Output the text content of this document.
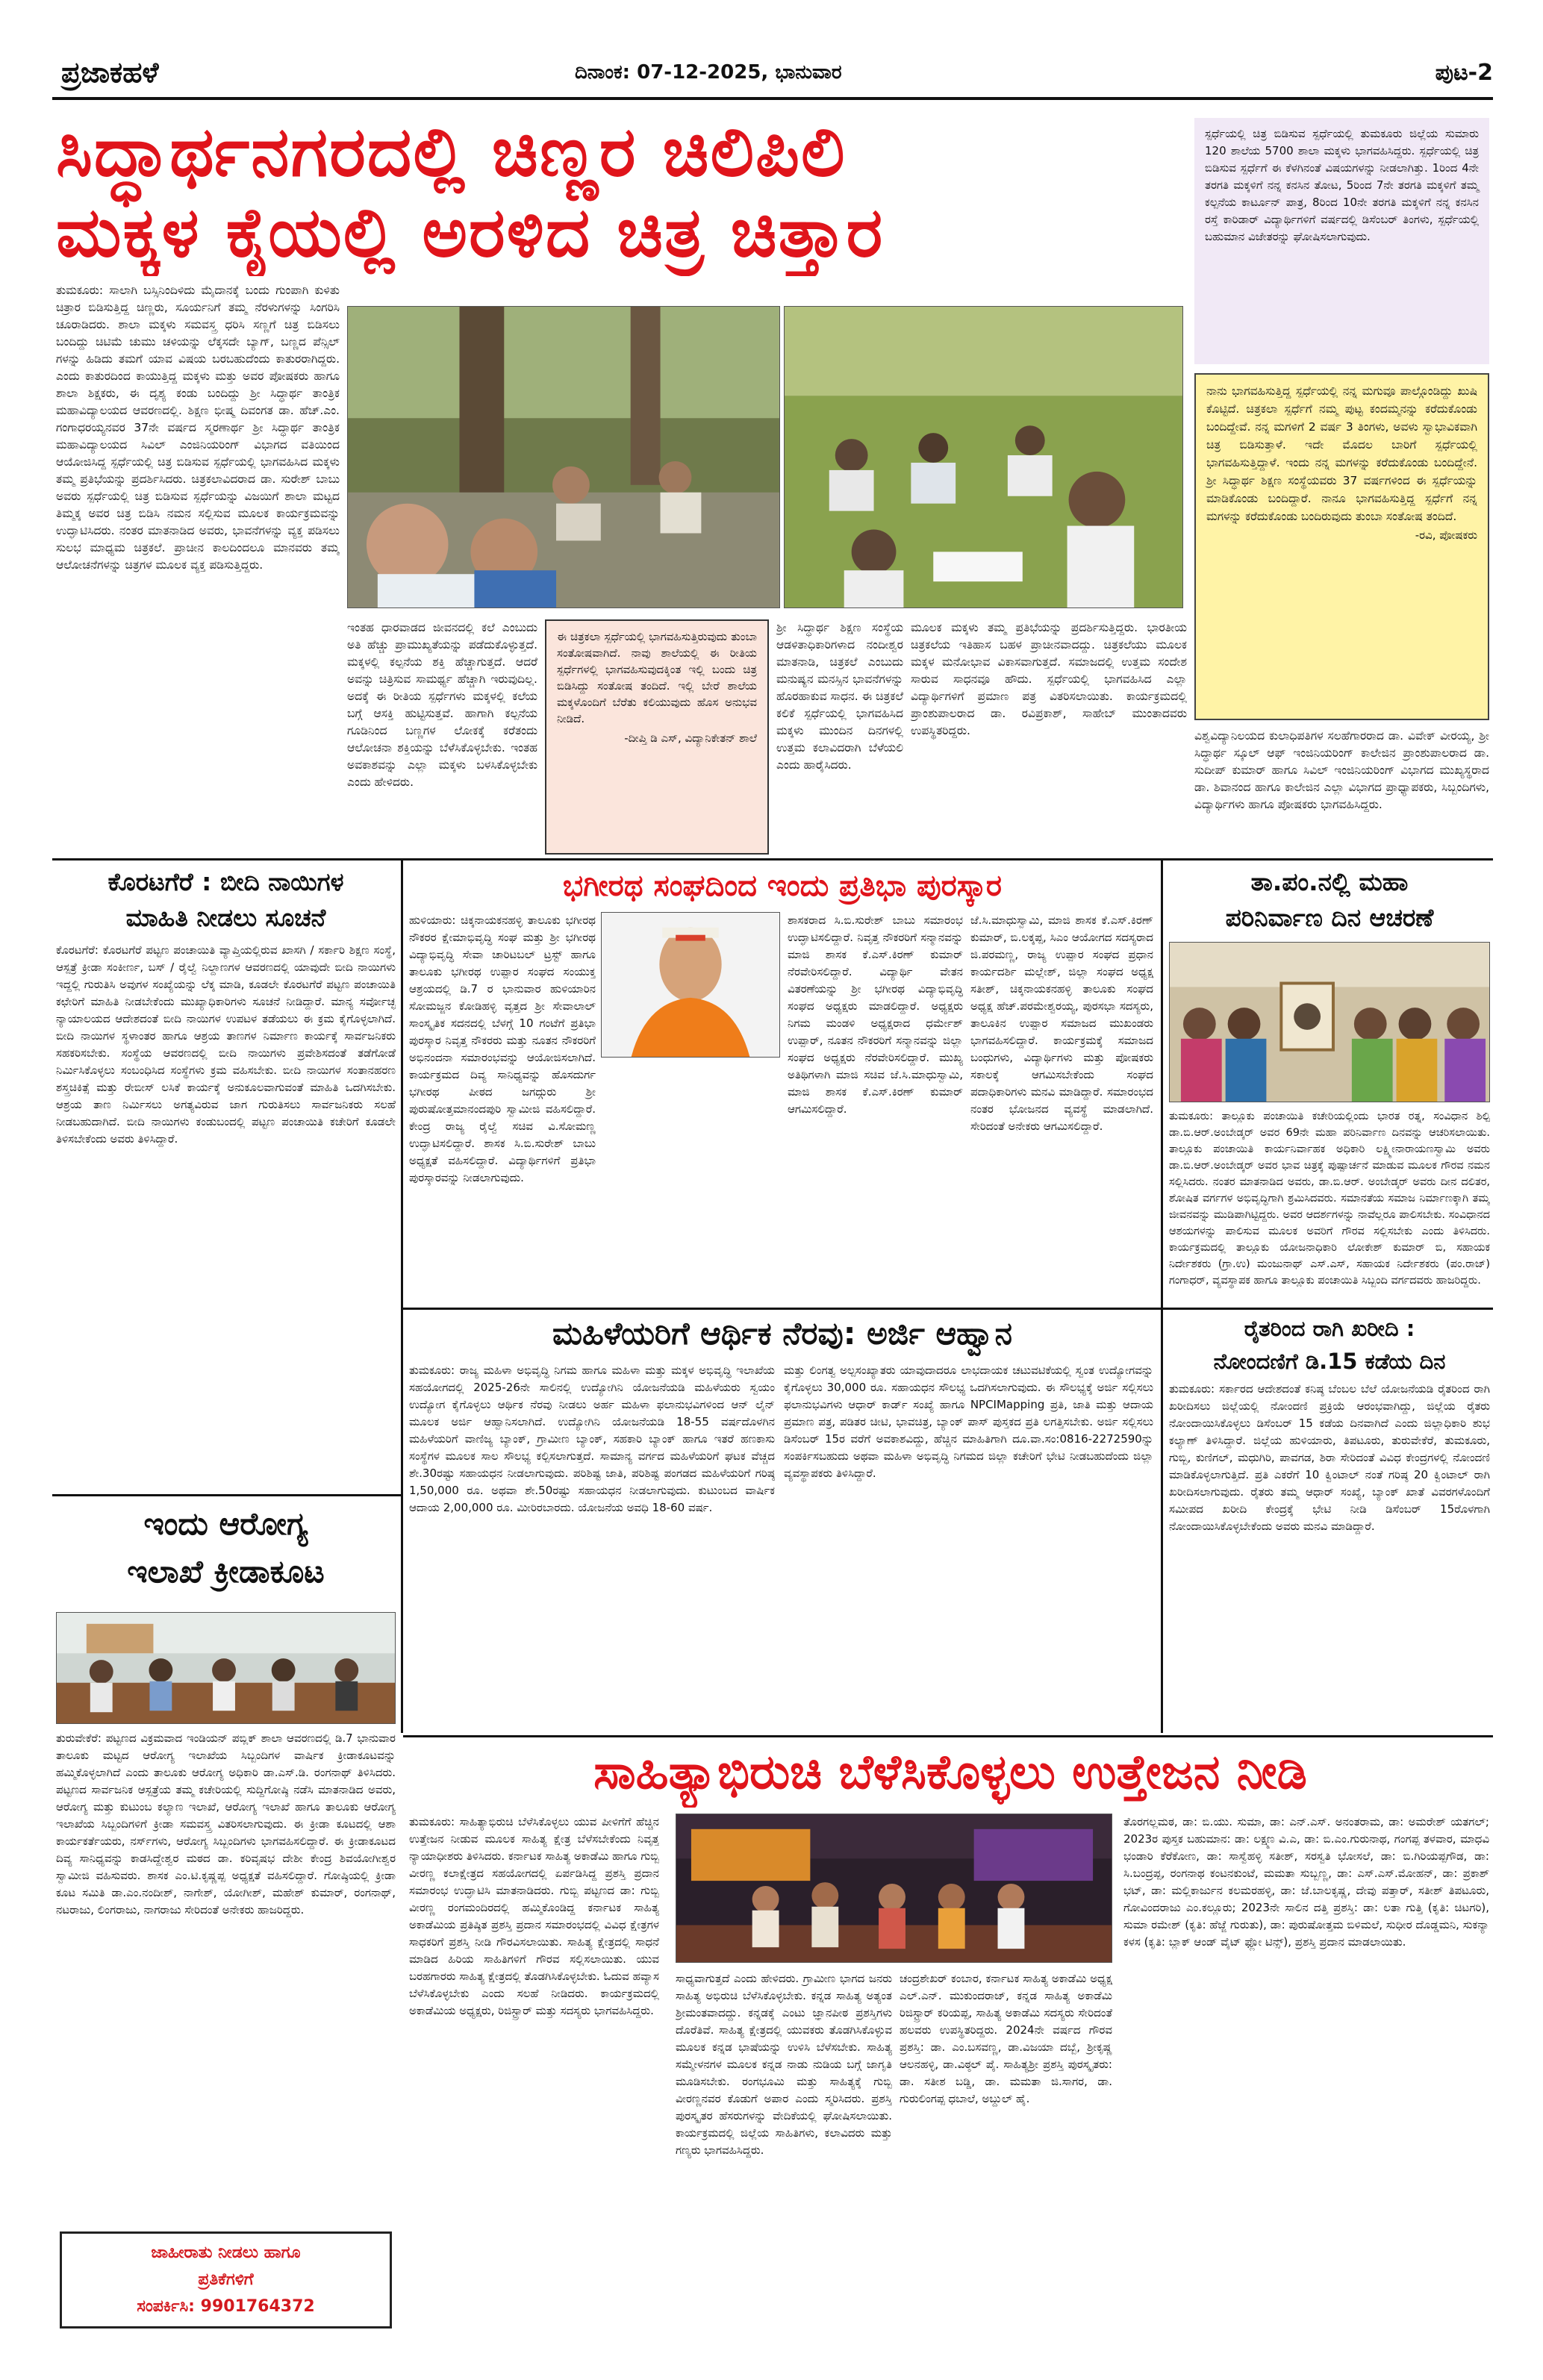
ಪ್ರಜಾಕಹಳೆ	ದಿನಾಂಕ: 07-12-2025, ಭಾನುವಾರ	ಪುಟ-2
ಸಿದ್ಧಾರ್ಥನಗರದಲ್ಲಿ ಚಿಣ್ಣರ ಚಿಲಿಪಿಲಿ
ಮಕ್ಕಳ ಕೈಯಲ್ಲಿ ಅರಳಿದ ಚಿತ್ರ ಚಿತ್ತಾರ
ತುಮಕೂರು: ಸಾಲಾಗಿ ಬಸ್ಸಿನಿಂದಿಳಿದು ಮೈದಾನಕ್ಕೆ ಬಂದು ಗುಂಪಾಗಿ ಕುಳಿತು ಚಿತ್ರಾರ ಬಿಡಿಸುತ್ತಿದ್ದ ಚಿಣ್ಣರು, ಸೂರ್ಯನಿಗೆ ತಮ್ಮ ನೆರಳುಗಳನ್ನು ಸಿಂಗರಿಸಿ ಚೂರಾಡಿದರು. ಶಾಲಾ ಮಕ್ಕಳು ಸಮವಸ್ತ್ರ ಧರಿಸಿ ಸಣ್ಣಗೆ ಚಿತ್ರ ಬಿಡಿಸಲು ಬಂದಿದ್ದು ಚಿಟಿಮೆ ಚುಮು ಚಳಿಯನ್ನು ಲೆಕ್ಕಸದೇ ಬ್ಯಾಗ್, ಬಣ್ಣದ ಪೆನ್ಸಿಲ್ ಗಳನ್ನು ಹಿಡಿದು ತಮಗೆ ಯಾವ ವಿಷಯ ಬರಬಹುದೆಂದು ಕಾತುರರಾಗಿದ್ದರು. ಎಂದು ಕಾತುರದಿಂದ ಕಾಯುತ್ತಿದ್ದ ಮಕ್ಕಳು ಮತ್ತು ಅವರ ಪೋಷಕರು ಹಾಗೂ ಶಾಲಾ ಶಿಕ್ಷಕರು, ಈ ದೃಶ್ಯ ಕಂಡು ಬಂದಿದ್ದು ಶ್ರೀ ಸಿದ್ಧಾರ್ಥ ತಾಂತ್ರಿಕ ಮಹಾವಿದ್ಯಾಲಯದ ಆವರಣದಲ್ಲಿ. ಶಿಕ್ಷಣ ಭೀಷ್ಮ ದಿವಂಗತ ಡಾ. ಹೆಚ್.ಎಂ. ಗಂಗಾಧರಯ್ಯನವರ 37ನೇ ವರ್ಷದ ಸ್ಮರಣಾರ್ಥ ಶ್ರೀ ಸಿದ್ಧಾರ್ಥ ತಾಂತ್ರಿಕ ಮಹಾವಿದ್ಯಾಲಯದ ಸಿವಿಲ್ ಎಂಜಿನಿಯರಿಂಗ್ ವಿಭಾಗದ ವತಿಯಿಂದ ಆಯೋಜಿಸಿದ್ದ ಸ್ಪರ್ಧೆಯಲ್ಲಿ ಚಿತ್ರ ಬಿಡಿಸುವ ಸ್ಪರ್ಧೆಯಲ್ಲಿ ಭಾಗವಹಿಸಿದ ಮಕ್ಕಳು ತಮ್ಮ ಪ್ರತಿಭೆಯನ್ನು ಪ್ರದರ್ಶಿಸಿದರು. ಚಿತ್ರಕಲಾವಿದರಾದ ಡಾ. ಸುರೇಶ್ ಬಾಬು ಅವರು ಸ್ಪರ್ಧೆಯಲ್ಲಿ ಚಿತ್ರ ಬಿಡಿಸುವ ಸ್ಪರ್ಧೆಯನ್ನು ವಿಜಯಿಗೆ ಶಾಲಾ ಮಟ್ಟದ ತಿಮ್ಮಕ್ಕ ಅವರ ಚಿತ್ರ ಬಿಡಿಸಿ ನಮನ ಸಲ್ಲಿಸುವ ಮೂಲಕ ಕಾರ್ಯಕ್ರಮವನ್ನು ಉದ್ಘಾಟಿಸಿದರು. ನಂತರ ಮಾತನಾಡಿದ ಅವರು, ಭಾವನೆಗಳನ್ನು ವ್ಯಕ್ತ ಪಡಿಸಲು ಸುಲಭ ಮಾಧ್ಯಮ ಚಿತ್ರಕಲೆ. ಪ್ರಾಚೀನ ಕಾಲದಿಂದಲೂ ಮಾನವರು ತಮ್ಮ ಆಲೋಚನೆಗಳನ್ನು ಚಿತ್ರಗಳ ಮೂಲಕ ವ್ಯಕ್ತ ಪಡಿಸುತ್ತಿದ್ದರು.
ಇಂತಹ ಧಾರವಾಡದ ಜೀವನದಲ್ಲಿ ಕಲೆ ಎಂಬುದು ಅತಿ ಹೆಚ್ಚು ಪ್ರಾಮುಖ್ಯತೆಯನ್ನು ಪಡೆದುಕೊಳ್ಳುತ್ತದೆ. ಮಕ್ಕಳಲ್ಲಿ ಕಲ್ಪನೆಯ ಶಕ್ತಿ ಹೆಚ್ಚಾಗುತ್ತದೆ. ಆದರೆ ಅವನ್ನು ಚಿತ್ರಿಸುವ ಸಾಮರ್ಥ್ಯ ಹೆಚ್ಚಾಗಿ ಇರುವುದಿಲ್ಲ. ಅದಕ್ಕೆ ಈ ರೀತಿಯ ಸ್ಪರ್ಧೆಗಳು ಮಕ್ಕಳಲ್ಲಿ ಕಲೆಯ ಬಗ್ಗೆ ಆಸಕ್ತಿ ಹುಟ್ಟಿಸುತ್ತವೆ. ಹಾಗಾಗಿ ಕಲ್ಪನೆಯ ಗೂಡಿನಿಂದ ಬಣ್ಣಗಳ ಲೋಕಕ್ಕೆ ಕರೆತಂದು ಆಲೋಚನಾ ಶಕ್ತಿಯನ್ನು ಬೆಳೆಸಿಕೊಳ್ಳಬೇಕು. ಇಂತಹ ಅವಕಾಶವನ್ನು ಎಲ್ಲಾ ಮಕ್ಕಳು ಬಳಸಿಕೊಳ್ಳಬೇಕು ಎಂದು ಹೇಳಿದರು.
ಈ ಚಿತ್ರಕಲಾ ಸ್ಪರ್ಧೆಯಲ್ಲಿ ಭಾಗವಹಿಸುತ್ತಿರುವುದು ತುಂಬಾ ಸಂತೋಷವಾಗಿದೆ. ನಾವು ಶಾಲೆಯಲ್ಲಿ ಈ ರೀತಿಯ ಸ್ಪರ್ಧೆಗಳಲ್ಲಿ ಭಾಗವಹಿಸುವುದಕ್ಕಿಂತ ಇಲ್ಲಿ ಬಂದು ಚಿತ್ರ ಬಿಡಿಸಿದ್ದು ಸಂತೋಷ ತಂದಿದೆ. ಇಲ್ಲಿ ಬೇರೆ ಶಾಲೆಯ ಮಕ್ಕಳೊಂದಿಗೆ ಬೆರೆತು ಕಲಿಯುವುದು ಹೊಸ ಅನುಭವ ನೀಡಿದೆ.
-ದೀಪ್ತಿ ಡಿ ಎಸ್, ವಿದ್ಯಾನಿಕೇತನ್ ಶಾಲೆ
ಶ್ರೀ ಸಿದ್ಧಾರ್ಥ ಶಿಕ್ಷಣ ಸಂಸ್ಥೆಯ ಆಡಳಿತಾಧಿಕಾರಿಗಳಾದ ನಂದೀಶ್ವರ ಮಾತನಾಡಿ, ಚಿತ್ರಕಲೆ ಎಂಬುದು ಮನುಷ್ಯನ ಮನಸ್ಸಿನ ಭಾವನೆಗಳನ್ನು ಹೊರಹಾಕುವ ಸಾಧನ. ಈ ಚಿತ್ರಕಲೆ ಕಲಿಕೆ ಸ್ಪರ್ಧೆಯಲ್ಲಿ ಭಾಗವಹಿಸಿದ ಮಕ್ಕಳು ಮುಂದಿನ ದಿನಗಳಲ್ಲಿ ಉತ್ತಮ ಕಲಾವಿದರಾಗಿ ಬೆಳೆಯಲಿ ಎಂದು ಹಾರೈಸಿದರು.
ಮೂಲಕ ಮಕ್ಕಳು ತಮ್ಮ ಪ್ರತಿಭೆಯನ್ನು ಪ್ರದರ್ಶಿಸುತ್ತಿದ್ದರು. ಭಾರತೀಯ ಚಿತ್ರಕಲೆಯ ಇತಿಹಾಸ ಬಹಳ ಪ್ರಾಚೀನವಾದದ್ದು. ಚಿತ್ರಕಲೆಯು ಮೂಲಕ ಮಕ್ಕಳ ಮನೋಭಾವ ವಿಕಾಸವಾಗುತ್ತದೆ. ಸಮಾಜದಲ್ಲಿ ಉತ್ತಮ ಸಂದೇಶ ಸಾರುವ ಸಾಧನವೂ ಹೌದು. ಸ್ಪರ್ಧೆಯಲ್ಲಿ ಭಾಗವಹಿಸಿದ ಎಲ್ಲಾ ವಿದ್ಯಾರ್ಥಿಗಳಿಗೆ ಪ್ರಮಾಣ ಪತ್ರ ವಿತರಿಸಲಾಯಿತು. ಕಾರ್ಯಕ್ರಮದಲ್ಲಿ ಪ್ರಾಂಶುಪಾಲರಾದ ಡಾ. ರವಿಪ್ರಕಾಶ್, ಸಾಹೇಬ್ ಮುಂತಾದವರು ಉಪಸ್ಥಿತರಿದ್ದರು.
ಸ್ಪರ್ಧೆಯಲ್ಲಿ ಚಿತ್ರ ಬಿಡಿಸುವ ಸ್ಪರ್ಧೆಯಲ್ಲಿ ತುಮಕೂರು ಜಿಲ್ಲೆಯ ಸುಮಾರು 120 ಶಾಲೆಯ 5700 ಶಾಲಾ ಮಕ್ಕಳು ಭಾಗವಹಿಸಿದ್ದರು. ಸ್ಪರ್ಧೆಯಲ್ಲಿ ಚಿತ್ರ ಬಿಡಿಸುವ ಸ್ಪರ್ಧೆಗೆ ಈ ಕೆಳಗಿನಂತೆ ವಿಷಯಗಳನ್ನು ನೀಡಲಾಗಿತ್ತು. 1ರಿಂದ 4ನೇ ತರಗತಿ ಮಕ್ಕಳಿಗೆ ನನ್ನ ಕನಸಿನ ತೋಟ, 5ರಿಂದ 7ನೇ ತರಗತಿ ಮಕ್ಕಳಿಗೆ ತಮ್ಮ ಕಲ್ಪನೆಯ ಕಾರ್ಟೂನ್ ಪಾತ್ರ, 8ರಿಂದ 10ನೇ ತರಗತಿ ಮಕ್ಕಳಿಗೆ ನನ್ನ ಕನಸಿನ ರಸ್ತೆ ಕಾರಿಡಾರ್ ವಿದ್ಯಾರ್ಥಿಗಳಿಗೆ ವರ್ಷದಲ್ಲಿ ಡಿಸೆಂಬರ್ ತಿಂಗಳು, ಸ್ಪರ್ಧೆಯಲ್ಲಿ ಬಹುಮಾನ ವಿಜೇತರನ್ನು ಘೋಷಿಸಲಾಗುವುದು.
ನಾನು ಭಾಗವಹಿಸುತ್ತಿದ್ದ ಸ್ಪರ್ಧೆಯಲ್ಲಿ ನನ್ನ ಮಗುವೂ ಪಾಲ್ಗೊಂಡಿದ್ದು ಖುಷಿ ಕೊಟ್ಟಿದೆ. ಚಿತ್ರಕಲಾ ಸ್ಪರ್ಧೆಗೆ ನಮ್ಮ ಪುಟ್ಟ ಕಂದಮ್ಮನನ್ನು ಕರೆದುಕೊಂಡು ಬಂದಿದ್ದೇವೆ. ನನ್ನ ಮಗಳಿಗೆ 2 ವರ್ಷ 3 ತಿಂಗಳು, ಅವಳು ಸ್ವಾಭಾವಿಕವಾಗಿ ಚಿತ್ರ ಬಿಡಿಸುತ್ತಾಳೆ. ಇದೇ ಮೊದಲ ಬಾರಿಗೆ ಸ್ಪರ್ಧೆಯಲ್ಲಿ ಭಾಗವಹಿಸುತ್ತಿದ್ದಾಳೆ. ಇಂದು ನನ್ನ ಮಗಳನ್ನು ಕರೆದುಕೊಂಡು ಬಂದಿದ್ದೇನೆ. ಶ್ರೀ ಸಿದ್ಧಾರ್ಥ ಶಿಕ್ಷಣ ಸಂಸ್ಥೆಯವರು 37 ವರ್ಷಗಳಿಂದ ಈ ಸ್ಪರ್ಧೆಯನ್ನು ಮಾಡಿಕೊಂಡು ಬಂದಿದ್ದಾರೆ. ನಾನೂ ಭಾಗವಹಿಸುತ್ತಿದ್ದ ಸ್ಪರ್ಧೆಗೆ ನನ್ನ ಮಗಳನ್ನು ಕರೆದುಕೊಂಡು ಬಂದಿರುವುದು ತುಂಬಾ ಸಂತೋಷ ತಂದಿದೆ.
-ರವಿ, ಪೋಷಕರು
ವಿಶ್ವವಿದ್ಯಾನಿಲಯದ ಕುಲಾಧಿಪತಿಗಳ ಸಲಹೆಗಾರರಾದ ಡಾ. ವಿವೇಕ್ ವೀರಯ್ಯ, ಶ್ರೀ ಸಿದ್ಧಾರ್ಥ ಸ್ಕೂಲ್ ಆಫ್ ಇಂಜಿನಿಯರಿಂಗ್ ಕಾಲೇಜಿನ ಪ್ರಾಂಶುಪಾಲರಾದ ಡಾ. ಸುದೀಪ್ ಕುಮಾರ್ ಹಾಗೂ ಸಿವಿಲ್ ಇಂಜಿನಿಯರಿಂಗ್ ವಿಭಾಗದ ಮುಖ್ಯಸ್ಥರಾದ ಡಾ. ಶಿವಾನಂದ ಹಾಗೂ ಕಾಲೇಜಿನ ಎಲ್ಲಾ ವಿಭಾಗದ ಪ್ರಾಧ್ಯಾಪಕರು, ಸಿಬ್ಬಂದಿಗಳು, ವಿದ್ಯಾರ್ಥಿಗಳು ಹಾಗೂ ಪೋಷಕರು ಭಾಗವಹಿಸಿದ್ದರು.
ಕೊರಟಗೆರೆ : ಬೀದಿ ನಾಯಿಗಳ
ಮಾಹಿತಿ ನೀಡಲು ಸೂಚನೆ
ಕೊರಟಗೆರೆ: ಕೊರಟಗೆರೆ ಪಟ್ಟಣ ಪಂಚಾಯಿತಿ ವ್ಯಾಪ್ತಿಯಲ್ಲಿರುವ ಖಾಸಗಿ / ಸರ್ಕಾರಿ ಶಿಕ್ಷಣ ಸಂಸ್ಥೆ, ಆಸ್ಪತ್ರೆ ಕ್ರೀಡಾ ಸಂಕೀರ್ಣ, ಬಸ್ / ರೈಲ್ವೆ ನಿಲ್ದಾಣಗಳ ಆವರಣದಲ್ಲಿ ಯಾವುದೇ ಬೀದಿ ನಾಯಿಗಳು ಇದ್ದಲ್ಲಿ ಗುರುತಿಸಿ ಅವುಗಳ ಸಂಖ್ಯೆಯನ್ನು ಲೆಕ್ಕ ಮಾಡಿ, ಕೂಡಲೇ ಕೊರಟಗೆರೆ ಪಟ್ಟಣ ಪಂಚಾಯಿತಿ ಕಛೇರಿಗೆ ಮಾಹಿತಿ ನೀಡಬೇಕೆಂದು ಮುಖ್ಯಾಧಿಕಾರಿಗಳು ಸೂಚನೆ ನೀಡಿದ್ದಾರೆ. ಮಾನ್ಯ ಸರ್ವೋಚ್ಛ ನ್ಯಾಯಾಲಯದ ಆದೇಶದಂತೆ ಬೀದಿ ನಾಯಿಗಳ ಉಪಟಳ ತಡೆಯಲು ಈ ಕ್ರಮ ಕೈಗೊಳ್ಳಲಾಗಿದೆ. ಬೀದಿ ನಾಯಿಗಳ ಸ್ಥಳಾಂತರ ಹಾಗೂ ಆಶ್ರಯ ತಾಣಗಳ ನಿರ್ಮಾಣ ಕಾರ್ಯಕ್ಕೆ ಸಾರ್ವಜನಿಕರು ಸಹಕರಿಸಬೇಕು. ಸಂಸ್ಥೆಯ ಆವರಣದಲ್ಲಿ ಬೀದಿ ನಾಯಿಗಳು ಪ್ರವೇಶಿಸದಂತೆ ತಡೆಗೋಡೆ ನಿರ್ಮಿಸಿಕೊಳ್ಳಲು ಸಂಬಂಧಿಸಿದ ಸಂಸ್ಥೆಗಳು ಕ್ರಮ ವಹಿಸಬೇಕು. ಬೀದಿ ನಾಯಿಗಳ ಸಂತಾನಹರಣ ಶಸ್ತ್ರಚಿಕಿತ್ಸೆ ಮತ್ತು ರೇಬೀಸ್ ಲಸಿಕೆ ಕಾರ್ಯಕ್ಕೆ ಅನುಕೂಲವಾಗುವಂತೆ ಮಾಹಿತಿ ಒದಗಿಸಬೇಕು. ಆಶ್ರಯ ತಾಣ ನಿರ್ಮಿಸಲು ಅಗತ್ಯವಿರುವ ಜಾಗ ಗುರುತಿಸಲು ಸಾರ್ವಜನಿಕರು ಸಲಹೆ ನೀಡಬಹುದಾಗಿದೆ. ಬೀದಿ ನಾಯಿಗಳು ಕಂಡುಬಂದಲ್ಲಿ ಪಟ್ಟಣ ಪಂಚಾಯಿತಿ ಕಚೇರಿಗೆ ಕೂಡಲೇ ತಿಳಿಸಬೇಕೆಂದು ಅವರು ತಿಳಿಸಿದ್ದಾರೆ.
ಭಗೀರಥ ಸಂಘದಿಂದ ಇಂದು ಪ್ರತಿಭಾ ಪುರಸ್ಕಾರ
ಹುಳಿಯಾರು: ಚಿಕ್ಕನಾಯಕನಹಳ್ಳಿ ತಾಲೂಕು ಭಗೀರಥ ನೌಕರರ ಕ್ಷೇಮಾಭಿವೃದ್ಧಿ ಸಂಘ ಮತ್ತು ಶ್ರೀ ಭಗೀರಥ ವಿದ್ಯಾಭಿವೃದ್ಧಿ ಸೇವಾ ಚಾರಿಟಬಲ್ ಟ್ರಸ್ಟ್ ಹಾಗೂ ತಾಲೂಕು ಭಗೀರಥ ಉಪ್ಪಾರ ಸಂಘದ ಸಂಯುಕ್ತ ಆಶ್ರಯದಲ್ಲಿ ಡಿ.7 ರ ಭಾನುವಾರ ಹುಳಿಯಾರಿನ ಸೋಮಜ್ಜನ ಕೋಡಿಹಳ್ಳಿ ವೃತ್ತದ ಶ್ರೀ ಸೇವಾಲಾಲ್ ಸಾಂಸ್ಕೃತಿಕ ಸದನದಲ್ಲಿ ಬೆಳಗ್ಗೆ 10 ಗಂಟೆಗೆ ಪ್ರತಿಭಾ ಪುರಸ್ಕಾರ ನಿವೃತ್ತ ನೌಕರರು ಮತ್ತು ನೂತನ ನೌಕರರಿಗೆ ಅಭಿನಂದನಾ ಸಮಾರಂಭವನ್ನು ಆಯೋಜಿಸಲಾಗಿದೆ. ಕಾರ್ಯಕ್ರಮದ ದಿವ್ಯ ಸಾನಿಧ್ಯವನ್ನು ಹೊಸದುರ್ಗ ಭಗೀರಥ ಪೀಠದ ಜಗದ್ಗುರು ಶ್ರೀ ಪುರುಷೋತ್ತಮಾನಂದಪುರಿ ಸ್ವಾಮೀಜಿ ವಹಿಸಲಿದ್ದಾರೆ. ಕೇಂದ್ರ ರಾಜ್ಯ ರೈಲ್ವೆ ಸಚಿವ ವಿ.ಸೋಮಣ್ಣ ಉದ್ಘಾಟಿಸಲಿದ್ದಾರೆ. ಶಾಸಕ ಸಿ.ಬಿ.ಸುರೇಶ್ ಬಾಬು ಅಧ್ಯಕ್ಷತೆ ವಹಿಸಲಿದ್ದಾರೆ. ವಿದ್ಯಾರ್ಥಿಗಳಿಗೆ ಪ್ರತಿಭಾ ಪುರಸ್ಕಾರವನ್ನು ನೀಡಲಾಗುವುದು.
ಶಾಸಕರಾದ ಸಿ.ಬಿ.ಸುರೇಶ್ ಬಾಬು ಸಮಾರಂಭ ಉದ್ಘಾಟಿಸಲಿದ್ದಾರೆ. ನಿವೃತ್ತ ನೌಕರರಿಗೆ ಸನ್ಮಾನವನ್ನು ಮಾಜಿ ಶಾಸಕ ಕೆ.ಎಸ್.ಕಿರಣ್ ಕುಮಾರ್ ನೆರವೇರಿಸಲಿದ್ದಾರೆ. ವಿದ್ಯಾರ್ಥಿ ವೇತನ ವಿತರಣೆಯನ್ನು ಶ್ರೀ ಭಗೀರಥ ವಿದ್ಯಾಭಿವೃದ್ಧಿ ಸಂಘದ ಅಧ್ಯಕ್ಷರು ಮಾಡಲಿದ್ದಾರೆ. ಅಧ್ಯಕ್ಷರು ನಿಗಮ ಮಂಡಳಿ ಅಧ್ಯಕ್ಷರಾದ ಧರ್ಮೇಶ್ ಉಪ್ಪಾರ್, ನೂತನ ನೌಕರರಿಗೆ ಸನ್ಮಾನವನ್ನು ಜಿಲ್ಲಾ ಸಂಘದ ಅಧ್ಯಕ್ಷರು ನೆರವೇರಿಸಲಿದ್ದಾರೆ. ಮುಖ್ಯ ಅತಿಥಿಗಳಾಗಿ ಮಾಜಿ ಸಚಿವ ಜೆ.ಸಿ.ಮಾಧುಸ್ವಾಮಿ, ಮಾಜಿ ಶಾಸಕ ಕೆ.ಎಸ್.ಕಿರಣ್ ಕುಮಾರ್ ಆಗಮಿಸಲಿದ್ದಾರೆ.
ಜೆ.ಸಿ.ಮಾಧುಸ್ವಾಮಿ, ಮಾಜಿ ಶಾಸಕ ಕೆ.ಎಸ್.ಕಿರಣ್ ಕುಮಾರ್, ಬಿ.ಲಕ್ಕಪ್ಪ, ಸಿಎಂ ಆಯೋಗದ ಸದಸ್ಯರಾದ ಜಿ.ಪರಮಣ್ಣ, ರಾಜ್ಯ ಉಪ್ಪಾರ ಸಂಘದ ಪ್ರಧಾನ ಕಾರ್ಯದರ್ಶಿ ಮಲ್ಲೇಶ್, ಜಿಲ್ಲಾ ಸಂಘದ ಅಧ್ಯಕ್ಷ ಸತೀಶ್, ಚಿಕ್ಕನಾಯಕನಹಳ್ಳಿ ತಾಲೂಕು ಸಂಘದ ಅಧ್ಯಕ್ಷ ಹೆಚ್.ಪರಮೇಶ್ವರಯ್ಯ, ಪುರಸಭಾ ಸದಸ್ಯರು, ತಾಲೂಕಿನ ಉಪ್ಪಾರ ಸಮಾಜದ ಮುಖಂಡರು ಭಾಗವಹಿಸಲಿದ್ದಾರೆ. ಕಾರ್ಯಕ್ರಮಕ್ಕೆ ಸಮಾಜದ ಬಂಧುಗಳು, ವಿದ್ಯಾರ್ಥಿಗಳು ಮತ್ತು ಪೋಷಕರು ಸಕಾಲಕ್ಕೆ ಆಗಮಿಸಬೇಕೆಂದು ಸಂಘದ ಪದಾಧಿಕಾರಿಗಳು ಮನವಿ ಮಾಡಿದ್ದಾರೆ. ಸಮಾರಂಭದ ನಂತರ ಭೋಜನದ ವ್ಯವಸ್ಥೆ ಮಾಡಲಾಗಿದೆ. ಸೇರಿದಂತೆ ಅನೇಕರು ಆಗಮಿಸಲಿದ್ದಾರೆ.
ತಾ.ಪಂ.ನಲ್ಲಿ ಮಹಾ
ಪರಿನಿರ್ವಾಣ ದಿನ ಆಚರಣೆ
ತುಮಕೂರು: ತಾಲ್ಲೂಕು ಪಂಚಾಯಿತಿ ಕಚೇರಿಯಲ್ಲಿಂದು ಭಾರತ ರತ್ನ, ಸಂವಿಧಾನ ಶಿಲ್ಪಿ ಡಾ.ಬಿ.ಆರ್.ಅಂಬೇಡ್ಕರ್ ಅವರ 69ನೇ ಮಹಾ ಪರಿನಿರ್ವಾಣ ದಿನವನ್ನು ಆಚರಿಸಲಾಯಿತು. ತಾಲ್ಲೂಕು ಪಂಚಾಯಿತಿ ಕಾರ್ಯನಿರ್ವಾಹಕ ಅಧಿಕಾರಿ ಲಕ್ಷ್ಮೀನಾರಾಯಣಸ್ವಾಮಿ ಅವರು ಡಾ.ಬಿ.ಆರ್.ಅಂಬೇಡ್ಕರ್ ಅವರ ಭಾವ ಚಿತ್ರಕ್ಕೆ ಪುಷ್ಪಾರ್ಚನೆ ಮಾಡುವ ಮೂಲಕ ಗೌರವ ನಮನ ಸಲ್ಲಿಸಿದರು. ನಂತರ ಮಾತನಾಡಿದ ಅವರು, ಡಾ.ಬಿ.ಆರ್. ಅಂಬೇಡ್ಕರ್ ಅವರು ದೀನ ದಲಿತರ, ಶೋಷಿತ ವರ್ಗಗಳ ಅಭಿವೃದ್ಧಿಗಾಗಿ ಶ್ರಮಿಸಿದವರು. ಸಮಾನತೆಯ ಸಮಾಜ ನಿರ್ಮಾಣಕ್ಕಾಗಿ ತಮ್ಮ ಜೀವನವನ್ನು ಮುಡಿಪಾಗಿಟ್ಟಿದ್ದರು. ಅವರ ಆದರ್ಶಗಳನ್ನು ನಾವೆಲ್ಲರೂ ಪಾಲಿಸಬೇಕು. ಸಂವಿಧಾನದ ಆಶಯಗಳನ್ನು ಪಾಲಿಸುವ ಮೂಲಕ ಅವರಿಗೆ ಗೌರವ ಸಲ್ಲಿಸಬೇಕು ಎಂದು ತಿಳಿಸಿದರು. ಕಾರ್ಯಕ್ರಮದಲ್ಲಿ ತಾಲ್ಲೂಕು ಯೋಜನಾಧಿಕಾರಿ ಲೋಕೇಶ್ ಕುಮಾರ್ ಬಿ, ಸಹಾಯಕ ನಿರ್ದೇಶಕರು (ಗ್ರಾ.ಉ) ಮಂಜುನಾಥ್ ಎಸ್.ಎಸ್, ಸಹಾಯಕ ನಿರ್ದೇಶಕರು (ಪಂ.ರಾಜ್) ಗಂಗಾಧರ್, ವ್ಯವಸ್ಥಾಪಕ ಹಾಗೂ ತಾಲ್ಲೂಕು ಪಂಚಾಯಿತಿ ಸಿಬ್ಬಂದಿ ವರ್ಗದವರು ಹಾಜರಿದ್ದರು.
ಮಹಿಳೆಯರಿಗೆ ಆರ್ಥಿಕ ನೆರವು: ಅರ್ಜಿ ಆಹ್ವಾನ
ತುಮಕೂರು: ರಾಜ್ಯ ಮಹಿಳಾ ಅಭಿವೃದ್ಧಿ ನಿಗಮ ಹಾಗೂ ಮಹಿಳಾ ಮತ್ತು ಮಕ್ಕಳ ಅಭಿವೃದ್ಧಿ ಇಲಾಖೆಯ ಸಹಯೋಗದಲ್ಲಿ 2025-26ನೇ ಸಾಲಿನಲ್ಲಿ ಉದ್ಯೋಗಿನಿ ಯೋಜನೆಯಡಿ ಮಹಿಳೆಯರು ಸ್ವಯಂ ಉದ್ಯೋಗ ಕೈಗೊಳ್ಳಲು ಆರ್ಥಿಕ ನೆರವು ನೀಡಲು ಅರ್ಹ ಮಹಿಳಾ ಫಲಾನುಭವಿಗಳಿಂದ ಆನ್ ಲೈನ್ ಮೂಲಕ ಅರ್ಜಿ ಆಹ್ವಾನಿಸಲಾಗಿದೆ. ಉದ್ಯೋಗಿನಿ ಯೋಜನೆಯಡಿ 18-55 ವರ್ಷದೊಳಗಿನ ಮಹಿಳೆಯರಿಗೆ ವಾಣಿಜ್ಯ ಬ್ಯಾಂಕ್, ಗ್ರಾಮೀಣ ಬ್ಯಾಂಕ್, ಸಹಕಾರಿ ಬ್ಯಾಂಕ್ ಹಾಗೂ ಇತರೆ ಹಣಕಾಸು ಸಂಸ್ಥೆಗಳ ಮೂಲಕ ಸಾಲ ಸೌಲಭ್ಯ ಕಲ್ಪಿಸಲಾಗುತ್ತದೆ. ಸಾಮಾನ್ಯ ವರ್ಗದ ಮಹಿಳೆಯರಿಗೆ ಘಟಕ ವೆಚ್ಚದ ಶೇ.30ರಷ್ಟು ಸಹಾಯಧನ ನೀಡಲಾಗುವುದು. ಪರಿಶಿಷ್ಟ ಜಾತಿ, ಪರಿಶಿಷ್ಟ ಪಂಗಡದ ಮಹಿಳೆಯರಿಗೆ ಗರಿಷ್ಠ 1,50,000 ರೂ. ಅಥವಾ ಶೇ.50ರಷ್ಟು ಸಹಾಯಧನ ನೀಡಲಾಗುವುದು. ಕುಟುಂಬದ ವಾರ್ಷಿಕ ಆದಾಯ 2,00,000 ರೂ. ಮೀರಿರಬಾರದು. ಯೋಜನೆಯ ಅವಧಿ 18-60 ವರ್ಷ.
ಮತ್ತು ಲಿಂಗತ್ವ ಅಲ್ಪಸಂಖ್ಯಾತರು ಯಾವುದಾದರೂ ಲಾಭದಾಯಕ ಚಟುವಟಿಕೆಯಲ್ಲಿ ಸ್ವಂತ ಉದ್ಯೋಗವನ್ನು ಕೈಗೊಳ್ಳಲು 30,000 ರೂ. ಸಹಾಯಧನ ಸೌಲಭ್ಯ ಒದಗಿಸಲಾಗುವುದು. ಈ ಸೌಲಭ್ಯಕ್ಕೆ ಅರ್ಜಿ ಸಲ್ಲಿಸಲು ಫಲಾನುಭವಿಗಳು ಆಧಾರ್ ಕಾರ್ಡ್ ಸಂಖ್ಯೆ ಹಾಗೂ NPCIMapping ಪ್ರತಿ, ಜಾತಿ ಮತ್ತು ಆದಾಯ ಪ್ರಮಾಣ ಪತ್ರ, ಪಡಿತರ ಚೀಟಿ, ಭಾವಚಿತ್ರ, ಬ್ಯಾಂಕ್ ಪಾಸ್ ಪುಸ್ತಕದ ಪ್ರತಿ ಲಗತ್ತಿಸಬೇಕು. ಅರ್ಜಿ ಸಲ್ಲಿಸಲು ಡಿಸೆಂಬರ್ 15ರ ವರೆಗೆ ಅವಕಾಶವಿದ್ದು, ಹೆಚ್ಚಿನ ಮಾಹಿತಿಗಾಗಿ ದೂ.ವಾ.ಸಂ:0816-2272590ನ್ನು ಸಂಪರ್ಕಿಸಬಹುದು ಅಥವಾ ಮಹಿಳಾ ಅಭಿವೃದ್ಧಿ ನಿಗಮದ ಜಿಲ್ಲಾ ಕಚೇರಿಗೆ ಭೇಟಿ ನೀಡಬಹುದೆಂದು ಜಿಲ್ಲಾ ವ್ಯವಸ್ಥಾಪಕರು ತಿಳಿಸಿದ್ದಾರೆ.
ರೈತರಿಂದ ರಾಗಿ ಖರೀದಿ :
ನೋಂದಣಿಗೆ ಡಿ.15 ಕಡೆಯ ದಿನ
ತುಮಕೂರು: ಸರ್ಕಾರದ ಆದೇಶದಂತೆ ಕನಿಷ್ಠ ಬೆಂಬಲ ಬೆಲೆ ಯೋಜನೆಯಡಿ ರೈತರಿಂದ ರಾಗಿ ಖರೀದಿಸಲು ಜಿಲ್ಲೆಯಲ್ಲಿ ನೋಂದಣಿ ಪ್ರಕ್ರಿಯೆ ಆರಂಭವಾಗಿದ್ದು, ಜಿಲ್ಲೆಯ ರೈತರು ನೋಂದಾಯಿಸಿಕೊಳ್ಳಲು ಡಿಸೆಂಬರ್ 15 ಕಡೆಯ ದಿನವಾಗಿದೆ ಎಂದು ಜಿಲ್ಲಾಧಿಕಾರಿ ಶುಭ ಕಲ್ಯಾಣ್ ತಿಳಿಸಿದ್ದಾರೆ. ಜಿಲ್ಲೆಯ ಹುಳಿಯಾರು, ತಿಪಟೂರು, ತುರುವೇಕೆರೆ, ತುಮಕೂರು, ಗುಬ್ಬಿ, ಕುಣಿಗಲ್, ಮಧುಗಿರಿ, ಪಾವಗಡ, ಶಿರಾ ಸೇರಿದಂತೆ ವಿವಿಧ ಕೇಂದ್ರಗಳಲ್ಲಿ ನೋಂದಣಿ ಮಾಡಿಕೊಳ್ಳಲಾಗುತ್ತಿದೆ. ಪ್ರತಿ ಎಕರೆಗೆ 10 ಕ್ವಿಂಟಾಲ್ ನಂತೆ ಗರಿಷ್ಠ 20 ಕ್ವಿಂಟಾಲ್ ರಾಗಿ ಖರೀದಿಸಲಾಗುವುದು. ರೈತರು ತಮ್ಮ ಆಧಾರ್ ಸಂಖ್ಯೆ, ಬ್ಯಾಂಕ್ ಖಾತೆ ವಿವರಗಳೊಂದಿಗೆ ಸಮೀಪದ ಖರೀದಿ ಕೇಂದ್ರಕ್ಕೆ ಭೇಟಿ ನೀಡಿ ಡಿಸೆಂಬರ್ 15ರೊಳಗಾಗಿ ನೋಂದಾಯಿಸಿಕೊಳ್ಳಬೇಕೆಂದು ಅವರು ಮನವಿ ಮಾಡಿದ್ದಾರೆ.
ಇಂದು ಆರೋಗ್ಯ
ಇಲಾಖೆ ಕ್ರೀಡಾಕೂಟ
ತುರುವೇಕೆರೆ: ಪಟ್ಟಣದ ವಿಕ್ರಮವಾದ ಇಂಡಿಯನ್ ಪಬ್ಲಿಕ್ ಶಾಲಾ ಆವರಣದಲ್ಲಿ ಡಿ.7 ಭಾನುವಾರ ತಾಲೂಕು ಮಟ್ಟದ ಆರೋಗ್ಯ ಇಲಾಖೆಯ ಸಿಬ್ಬಂದಿಗಳ ವಾರ್ಷಿಕ ಕ್ರೀಡಾಕೂಟವನ್ನು ಹಮ್ಮಿಕೊಳ್ಳಲಾಗಿದೆ ಎಂದು ತಾಲೂಕು ಆರೋಗ್ಯ ಅಧಿಕಾರಿ ಡಾ.ಎಸ್.ಡಿ. ರಂಗನಾಥ್ ತಿಳಿಸಿದರು. ಪಟ್ಟಣದ ಸಾರ್ವಜನಿಕ ಆಸ್ಪತ್ರೆಯ ತಮ್ಮ ಕಚೇರಿಯಲ್ಲಿ ಸುದ್ದಿಗೋಷ್ಠಿ ನಡೆಸಿ ಮಾತನಾಡಿದ ಅವರು, ಆರೋಗ್ಯ ಮತ್ತು ಕುಟುಂಬ ಕಲ್ಯಾಣ ಇಲಾಖೆ, ಆರೋಗ್ಯ ಇಲಾಖೆ ಹಾಗೂ ತಾಲೂಕು ಆರೋಗ್ಯ ಇಲಾಖೆಯ ಸಿಬ್ಬಂದಿಗಳಿಗೆ ಕ್ರೀಡಾ ಸಮವಸ್ತ್ರ ವಿತರಿಸಲಾಗುವುದು. ಈ ಕ್ರೀಡಾ ಕೂಟದಲ್ಲಿ ಆಶಾ ಕಾರ್ಯಕರ್ತೆಯರು, ನರ್ಸ್‌ಗಳು, ಆರೋಗ್ಯ ಸಿಬ್ಬಂದಿಗಳು ಭಾಗವಹಿಸಲಿದ್ದಾರೆ. ಈ ಕ್ರೀಡಾಕೂಟದ ದಿವ್ಯ ಸಾನಿಧ್ಯವನ್ನು ಕಾಡಸಿದ್ದೇಶ್ವರ ಮಠದ ಡಾ. ಕರಿವೃಷಭ ದೇಶೀ ಕೇಂದ್ರ ಶಿವಯೋಗೀಶ್ವರ ಸ್ವಾಮೀಜಿ ವಹಿಸುವರು. ಶಾಸಕ ಎಂ.ಟಿ.ಕೃಷ್ಣಪ್ಪ ಅಧ್ಯಕ್ಷತೆ ವಹಿಸಲಿದ್ದಾರೆ. ಗೋಷ್ಠಿಯಲ್ಲಿ ಕ್ರೀಡಾ ಕೂಟ ಸಮಿತಿ ಡಾ.ಎಂ.ನಂದೀಶ್, ನಾಗೇಶ್, ಯೋಗೀಶ್, ಮಹೇಶ್ ಕುಮಾರ್, ರಂಗನಾಥ್, ನಟರಾಜು, ಲಿಂಗರಾಜು, ನಾಗರಾಜು ಸೇರಿದಂತೆ ಅನೇಕರು ಹಾಜರಿದ್ದರು.
ಜಾಹೀರಾತು ನೀಡಲು ಹಾಗೂ
ಪ್ರತಿಕೆಗಳಿಗೆ
ಸಂಪರ್ಕಿಸಿ: 9901764372
ಸಾಹಿತ್ಯಾಭಿರುಚಿ ಬೆಳೆಸಿಕೊಳ್ಳಲು ಉತ್ತೇಜನ ನೀಡಿ
ತುಮಕೂರು: ಸಾಹಿತ್ಯಾಭಿರುಚಿ ಬೆಳೆಸಿಕೊಳ್ಳಲು ಯುವ ಪೀಳಿಗೆಗೆ ಹೆಚ್ಚಿನ ಉತ್ತೇಜನ ನೀಡುವ ಮೂಲಕ ಸಾಹಿತ್ಯ ಕ್ಷೇತ್ರ ಬೆಳೆಸಬೇಕೆಂದು ನಿವೃತ್ತ ನ್ಯಾಯಾಧೀಶರು ತಿಳಿಸಿದರು. ಕರ್ನಾಟಕ ಸಾಹಿತ್ಯ ಅಕಾಡೆಮಿ ಹಾಗೂ ಗುಬ್ಬಿ ವೀರಣ್ಣ ಕಲಾಕ್ಷೇತ್ರದ ಸಹಯೋಗದಲ್ಲಿ ಏರ್ಪಡಿಸಿದ್ದ ಪ್ರಶಸ್ತಿ ಪ್ರದಾನ ಸಮಾರಂಭ ಉದ್ಘಾಟಿಸಿ ಮಾತನಾಡಿದರು. ಗುಬ್ಬಿ ಪಟ್ಟಣದ ಡಾ: ಗುಬ್ಬಿ ವೀರಣ್ಣ ರಂಗಮಂದಿರದಲ್ಲಿ ಹಮ್ಮಿಕೊಂಡಿದ್ದ ಕರ್ನಾಟಕ ಸಾಹಿತ್ಯ ಅಕಾಡೆಮಿಯ ಪ್ರತಿಷ್ಠಿತ ಪ್ರಶಸ್ತಿ ಪ್ರದಾನ ಸಮಾರಂಭದಲ್ಲಿ ವಿವಿಧ ಕ್ಷೇತ್ರಗಳ ಸಾಧಕರಿಗೆ ಪ್ರಶಸ್ತಿ ನೀಡಿ ಗೌರವಿಸಲಾಯಿತು. ಸಾಹಿತ್ಯ ಕ್ಷೇತ್ರದಲ್ಲಿ ಸಾಧನೆ ಮಾಡಿದ ಹಿರಿಯ ಸಾಹಿತಿಗಳಿಗೆ ಗೌರವ ಸಲ್ಲಿಸಲಾಯಿತು. ಯುವ ಬರಹಗಾರರು ಸಾಹಿತ್ಯ ಕ್ಷೇತ್ರದಲ್ಲಿ ತೊಡಗಿಸಿಕೊಳ್ಳಬೇಕು. ಓದುವ ಹವ್ಯಾಸ ಬೆಳೆಸಿಕೊಳ್ಳಬೇಕು ಎಂದು ಸಲಹೆ ನೀಡಿದರು. ಕಾರ್ಯಕ್ರಮದಲ್ಲಿ ಅಕಾಡೆಮಿಯ ಅಧ್ಯಕ್ಷರು, ರಿಜಿಸ್ಟ್ರಾರ್ ಮತ್ತು ಸದಸ್ಯರು ಭಾಗವಹಿಸಿದ್ದರು.
ಸಾಧ್ಯವಾಗುತ್ತದೆ ಎಂದು ಹೇಳಿದರು. ಗ್ರಾಮೀಣ ಭಾಗದ ಜನರು ಸಾಹಿತ್ಯ ಅಭಿರುಚಿ ಬೆಳೆಸಿಕೊಳ್ಳಬೇಕು. ಕನ್ನಡ ಸಾಹಿತ್ಯ ಅತ್ಯಂತ ಶ್ರೀಮಂತವಾದದ್ದು. ಕನ್ನಡಕ್ಕೆ ಎಂಟು ಜ್ಞಾನಪೀಠ ಪ್ರಶಸ್ತಿಗಳು ದೊರೆತಿವೆ. ಸಾಹಿತ್ಯ ಕ್ಷೇತ್ರದಲ್ಲಿ ಯುವಕರು ತೊಡಗಿಸಿಕೊಳ್ಳುವ ಮೂಲಕ ಕನ್ನಡ ಭಾಷೆಯನ್ನು ಉಳಿಸಿ ಬೆಳೆಸಬೇಕು. ಸಾಹಿತ್ಯ ಸಮ್ಮೇಳನಗಳ ಮೂಲಕ ಕನ್ನಡ ನಾಡು ನುಡಿಯ ಬಗ್ಗೆ ಜಾಗೃತಿ ಮೂಡಿಸಬೇಕು. ರಂಗಭೂಮಿ ಮತ್ತು ಸಾಹಿತ್ಯಕ್ಕೆ ಗುಬ್ಬಿ ವೀರಣ್ಣನವರ ಕೊಡುಗೆ ಅಪಾರ ಎಂದು ಸ್ಮರಿಸಿದರು. ಪ್ರಶಸ್ತಿ ಪುರಸ್ಕೃತರ ಹೆಸರುಗಳನ್ನು ವೇದಿಕೆಯಲ್ಲಿ ಘೋಷಿಸಲಾಯಿತು. ಕಾರ್ಯಕ್ರಮದಲ್ಲಿ ಜಿಲ್ಲೆಯ ಸಾಹಿತಿಗಳು, ಕಲಾವಿದರು ಮತ್ತು ಗಣ್ಯರು ಭಾಗವಹಿಸಿದ್ದರು.
ಚಂದ್ರಶೇಖರ್ ಕಂಬಾರ, ಕರ್ನಾಟಕ ಸಾಹಿತ್ಯ ಅಕಾಡೆಮಿ ಅಧ್ಯಕ್ಷ ಎಲ್.ಎನ್. ಮುಕುಂದರಾಜ್, ಕನ್ನಡ ಸಾಹಿತ್ಯ ಅಕಾಡೆಮಿ ರಿಜಿಸ್ಟ್ರಾರ್ ಕರಿಯಪ್ಪ, ಸಾಹಿತ್ಯ ಅಕಾಡೆಮಿ ಸದಸ್ಯರು ಸೇರಿದಂತೆ ಹಲವರು ಉಪಸ್ಥಿತರಿದ್ದರು. 2024ನೇ ವರ್ಷದ ಗೌರವ ಪ್ರಶಸ್ತಿ: ಡಾ. ಎಂ.ಬಸವಣ್ಣ, ಡಾ.ವಿಜಯಾ ದಬ್ಬೆ, ಶ್ರೀಕೃಷ್ಣ ಆಲನಹಳ್ಳಿ, ಡಾ.ವಿಠ್ಠಲ್ ಪೈ. ಸಾಹಿತ್ಯಶ್ರೀ ಪ್ರಶಸ್ತಿ ಪುರಸ್ಕೃತರು: ಡಾ. ಸತೀಶ ಬಡ್ಡಿ, ಡಾ. ಮಮತಾ ಜಿ.ಸಾಗರ, ಡಾ. ಗುರುಲಿಂಗಪ್ಪ ಧಬಾಲೆ, ಅಬ್ದುಲ್ ಹೈ.
ತೊರಗಲ್ಲಮಠ, ಡಾ: ಬಿ.ಯು. ಸುಮಾ, ಡಾ: ಎನ್.ಎಸ್. ಅನಂತರಾಮ, ಡಾ: ಅಮರೇಶ್ ಯತಗಲ್; 2023ರ ಪುಸ್ತಕ ಬಹುಮಾನ: ಡಾ: ಲಕ್ಷ್ಮಣ ವಿ.ಎ, ಡಾ: ಬಿ.ಎಂ.ಗುರುನಾಥ, ಗಂಗಪ್ಪ ತಳವಾರ, ಮಾಧವಿ ಭಂಡಾರಿ ಕೆರೆಕೋಣ, ಡಾ: ಸಾಸ್ವೆಹಳ್ಳಿ ಸತೀಶ್, ಸರಸ್ವತಿ ಭೋಸಲೆ, ಡಾ: ಬಿ.ಗಿರಿಯಪ್ಪಗೌಡ, ಡಾ: ಸಿ.ಬಂದ್ರಪ್ಪ, ರಂಗನಾಥ ಕಂಟನಕುಂಟೆ, ಮಮತಾ ಸುಬ್ಬಣ್ಣ, ಡಾ: ಎಸ್.ಎಸ್.ಮೋಹನ್, ಡಾ: ಪ್ರಕಾಶ್ ಭಟ್, ಡಾ: ಮಲ್ಲಿಕಾರ್ಜುನ ಕಲಮರಹಳ್ಳಿ, ಡಾ: ಜೆ.ಬಾಲಕೃಷ್ಣ, ದೇವು ಪತ್ತಾರ್, ಸತೀಶ್ ತಿಪಟೂರು, ಗೋವಿಂದರಾಜು ಎಂ.ಕಲ್ಲೂರು; 2023ನೇ ಸಾಲಿನ ದತ್ತಿ ಪ್ರಶಸ್ತಿ: ಡಾ: ಲತಾ ಗುತ್ತಿ (ಕೃತಿ: ಚಿಟಗರಿ), ಸುಮಾ ರಮೇಶ್ (ಕೃತಿ: ಹೆಜ್ಜೆ ಗುರುತು), ಡಾ: ಪುರುಷೋತ್ತಮ ಬಿಳಿಮಲೆ, ಸುಧೀರ ದೊಡ್ಡಮನಿ, ಸುಕನ್ಯಾ ಕಳಸ (ಕೃತಿ: ಬ್ಲಾಕ್ ಆಂಡ್ ವೈಟ್ ಫ್ಲೋ ಟಿನ್ಸ್), ಪ್ರಶಸ್ತಿ ಪ್ರದಾನ ಮಾಡಲಾಯಿತು.
